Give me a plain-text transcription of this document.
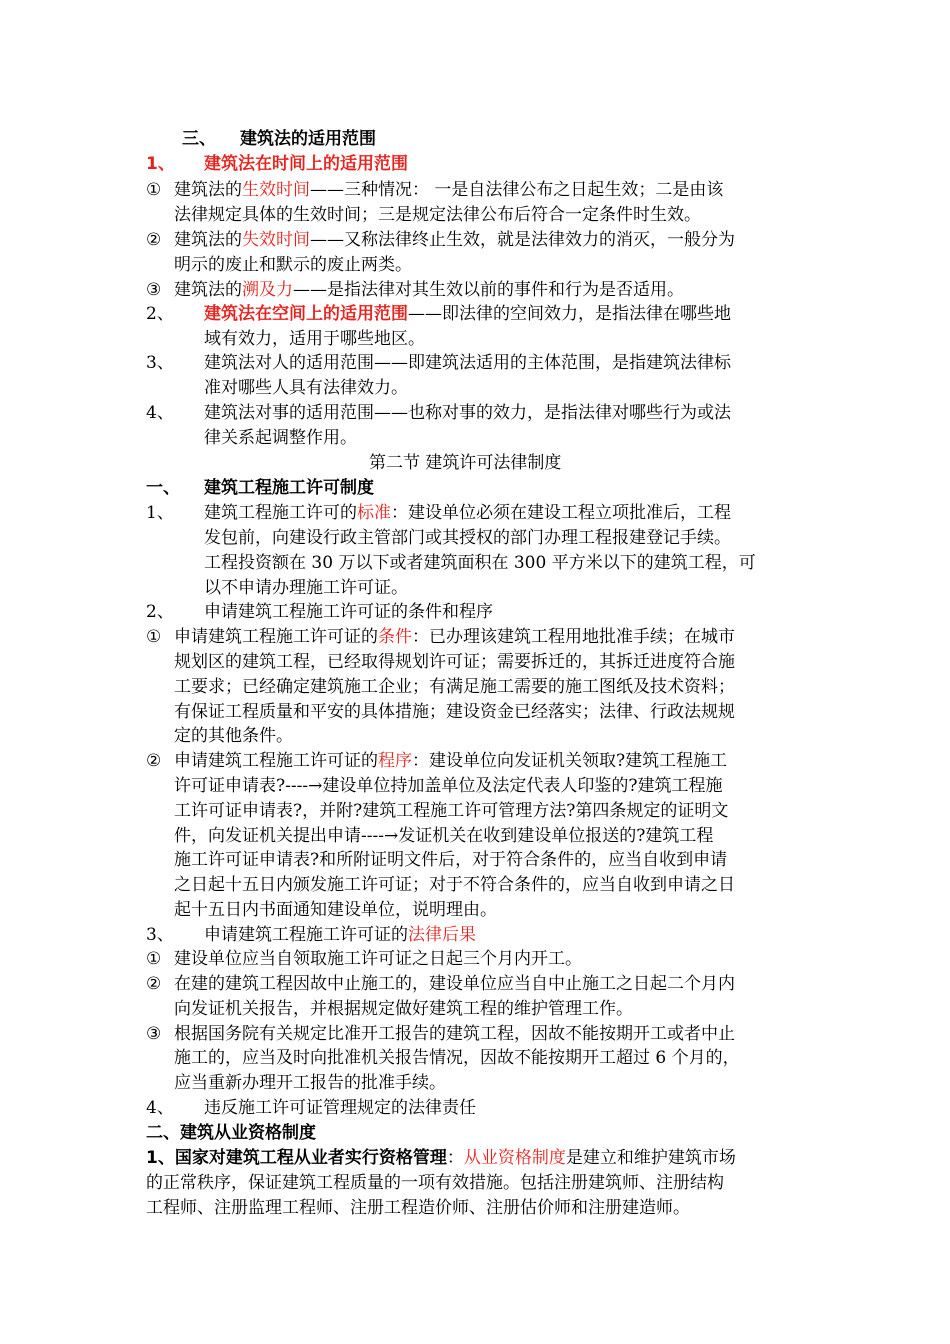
三、 建筑法的适用范围
1、 建筑法在时间上的适用范围
① 建筑法的生效时间——三种情况： 一是自法律公布之日起生效；二是由该
法律规定具体的生效时间；三是规定法律公布后符合一定条件时生效。
② 建筑法的失效时间——又称法律终止生效，就是法律效力的消灭，一般分为
明示的废止和默示的废止两类。
③ 建筑法的溯及力——是指法律对其生效以前的事件和行为是否适用。
2、 建筑法在空间上的适用范围——即法律的空间效力，是指法律在哪些地
域有效力，适用于哪些地区。
3、 建筑法对人的适用范围——即建筑法适用的主体范围，是指建筑法律标
准对哪些人具有法律效力。
4、 建筑法对事的适用范围——也称对事的效力，是指法律对哪些行为或法
律关系起调整作用。
第二节 建筑许可法律制度
一、 建筑工程施工许可制度
1、 建筑工程施工许可的标准：建设单位必须在建设工程立项批准后，工程
发包前，向建设行政主管部门或其授权的部门办理工程报建登记手续。
工程投资额在 30 万以下或者建筑面积在 300 平方米以下的建筑工程，可
以不申请办理施工许可证。
2、 申请建筑工程施工许可证的条件和程序
① 申请建筑工程施工许可证的条件：已办理该建筑工程用地批准手续；在城市
规划区的建筑工程，已经取得规划许可证；需要拆迁的，其拆迁进度符合施
工要求；已经确定建筑施工企业；有满足施工需要的施工图纸及技术资料；
有保证工程质量和平安的具体措施；建设资金已经落实；法律、行政法规规
定的其他条件。
② 申请建筑工程施工许可证的程序：建设单位向发证机关领取?建筑工程施工
许可证申请表?----→建设单位持加盖单位及法定代表人印鉴的?建筑工程施
工许可证申请表?，并附?建筑工程施工许可管理方法?第四条规定的证明文
件，向发证机关提出申请----→发证机关在收到建设单位报送的?建筑工程
施工许可证申请表?和所附证明文件后，对于符合条件的，应当自收到申请
之日起十五日内颁发施工许可证；对于不符合条件的，应当自收到申请之日
起十五日内书面通知建设单位，说明理由。
3、 申请建筑工程施工许可证的法律后果
① 建设单位应当自领取施工许可证之日起三个月内开工。
② 在建的建筑工程因故中止施工的，建设单位应当自中止施工之日起二个月内
向发证机关报告，并根据规定做好建筑工程的维护管理工作。
③ 根据国务院有关规定比准开工报告的建筑工程，因故不能按期开工或者中止
施工的，应当及时向批准机关报告情况，因故不能按期开工超过 6 个月的，
应当重新办理开工报告的批准手续。
4、 违反施工许可证管理规定的法律责任
二、建筑从业资格制度
1、国家对建筑工程从业者实行资格管理：从业资格制度是建立和维护建筑市场
的正常秩序，保证建筑工程质量的一项有效措施。包括注册建筑师、注册结构
工程师、注册监理工程师、注册工程造价师、注册估价师和注册建造师。
